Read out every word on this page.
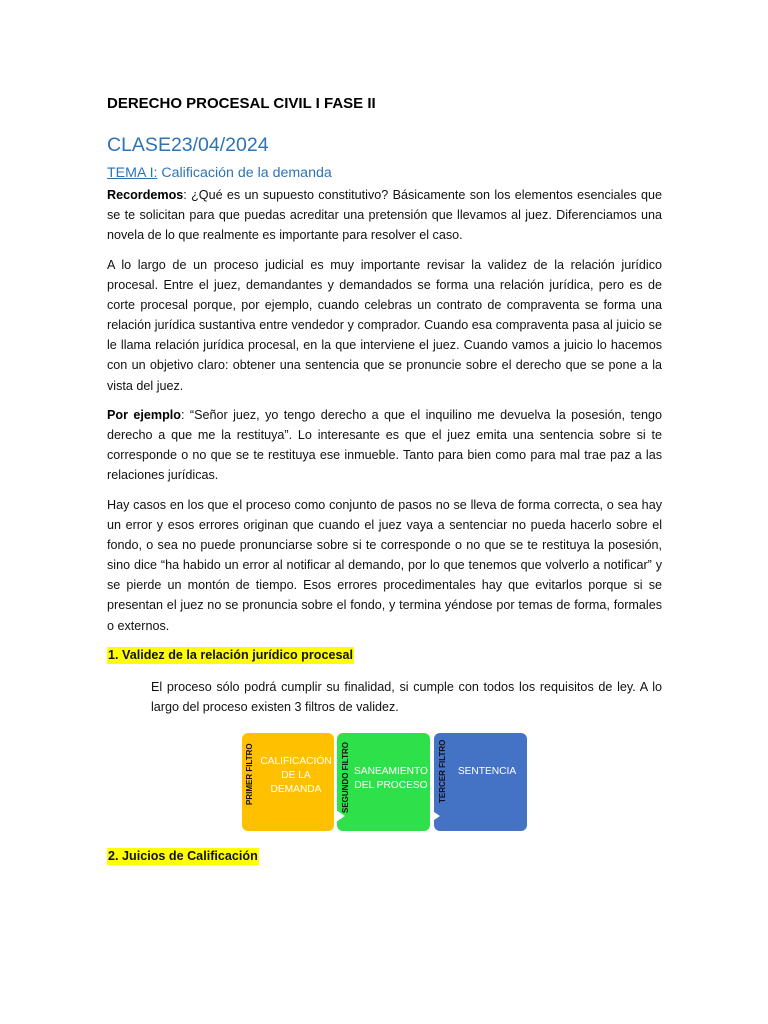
DERECHO PROCESAL CIVIL I FASE II
CLASE23/04/2024
TEMA I: Calificación de la demanda
Recordemos: ¿Qué es un supuesto constitutivo? Básicamente son los elementos esenciales que se te solicitan para que puedas acreditar una pretensión que llevamos al juez. Diferenciamos una novela de lo que realmente es importante para resolver el caso.
A lo largo de un proceso judicial es muy importante revisar la validez de la relación jurídico procesal. Entre el juez, demandantes y demandados se forma una relación jurídica, pero es de corte procesal porque, por ejemplo, cuando celebras un contrato de compraventa se forma una relación jurídica sustantiva entre vendedor y comprador. Cuando esa compraventa pasa al juicio se le llama relación jurídica procesal, en la que interviene el juez. Cuando vamos a juicio lo hacemos con un objetivo claro: obtener una sentencia que se pronuncie sobre el derecho que se pone a la vista del juez.
Por ejemplo: “Señor juez, yo tengo derecho a que el inquilino me devuelva la posesión, tengo derecho a que me la restituya”. Lo interesante es que el juez emita una sentencia sobre si te corresponde o no que se te restituya ese inmueble. Tanto para bien como para mal trae paz a las relaciones jurídicas.
Hay casos en los que el proceso como conjunto de pasos no se lleva de forma correcta, o sea hay un error y esos errores originan que cuando el juez vaya a sentenciar no pueda hacerlo sobre el fondo, o sea no puede pronunciarse sobre si te corresponde o no que se te restituya la posesión, sino dice “ha habido un error al notificar al demando, por lo que tenemos que volverlo a notificar” y se pierde un montón de tiempo. Esos errores procedimentales hay que evitarlos porque si se presentan el juez no se pronuncia sobre el fondo, y termina yéndose por temas de forma, formales o externos.
1. Validez de la relación jurídico procesal
El proceso sólo podrá cumplir su finalidad, si cumple con todos los requisitos de ley. A lo largo del proceso existen 3 filtros de validez.
CALIFICACIÓN DE LA DEMANDA
PRIMER FILTRO	SANEAMIENTO DEL PROCESO
SEGUNDO FILTRO	SENTENCIA
TERCER FILTRO
2. Juicios de Calificación
